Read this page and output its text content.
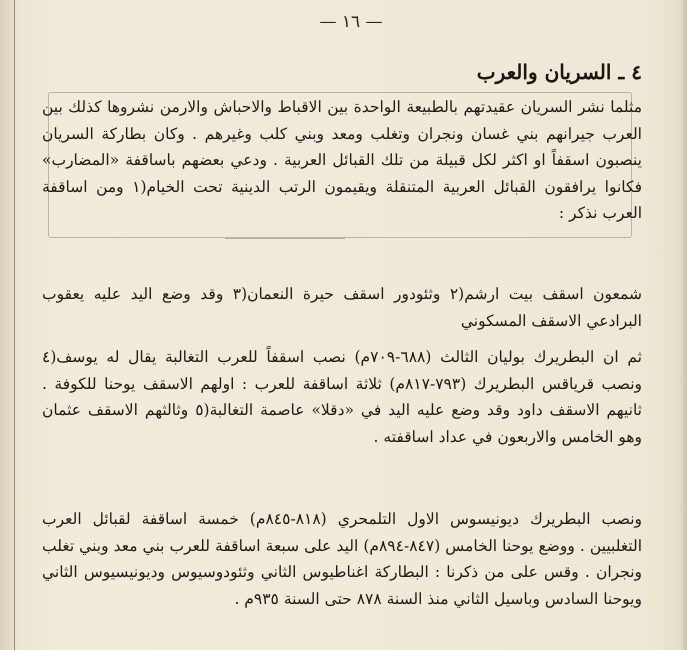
— ١٦ —
٤ ـ السريان والعرب
مثلما نشر السريان عقيدتهم بالطبيعة الواحدة بين الاقباط والاحباش والارمن نشروها كذلك بين العرب جيرانهم بني غسان ونجران وتغلب ومعد وبني كلب وغيرهم . وكان بطاركة السريان ينصبون اسقفاً او اكثر لكل قبيلة من تلك القبائل العربية . ودعي بعضهم باساقفة «المضارب» فكانوا يرافقون القبائل العربية المتنقلة ويقيمون الرتب الدينية تحت الخيام(١ ومن اساقفة العرب نذكر :
شمعون اسقف بيت ارشم(٢ وثئودور اسقف حيرة النعمان(٣ وقد وضع اليد عليه يعقوب البرادعي الاسقف المسكوني
ثم ان البطريرك بوليان الثالث (٦٨٨-٧٠٩م) نصب اسقفاً للعرب التغالبة يقال له يوسف(٤ ونصب قرياقس البطريرك (٧٩٣-٨١٧م) ثلاثة اساقفة للعرب : اولهم الاسقف يوحنا للكوفة . ثانيهم الاسقف داود وقد وضع عليه اليد في «دقلا» عاصمة التغالبة(٥ وثالثهم الاسقف عثمان وهو الخامس والاربعون في عداد اساقفته .
ونصب البطريرك ديونيسوس الاول التلمحري (٨١٨-٨٤٥م) خمسة اساقفة لقبائل العرب التغلبيين . ووضع يوحنا الخامس (٨٤٧-٨٩٤م) اليد على سبعة اساقفة للعرب بني معد وبني تغلب ونجران . وقس على من ذكرنا : البطاركة اغناطيوس الثاني وثئودوسيوس وديونيسيوس الثاني ويوحنا السادس وباسيل الثاني منذ السنة ٨٧٨ حتى السنة ٩٣٥م .
